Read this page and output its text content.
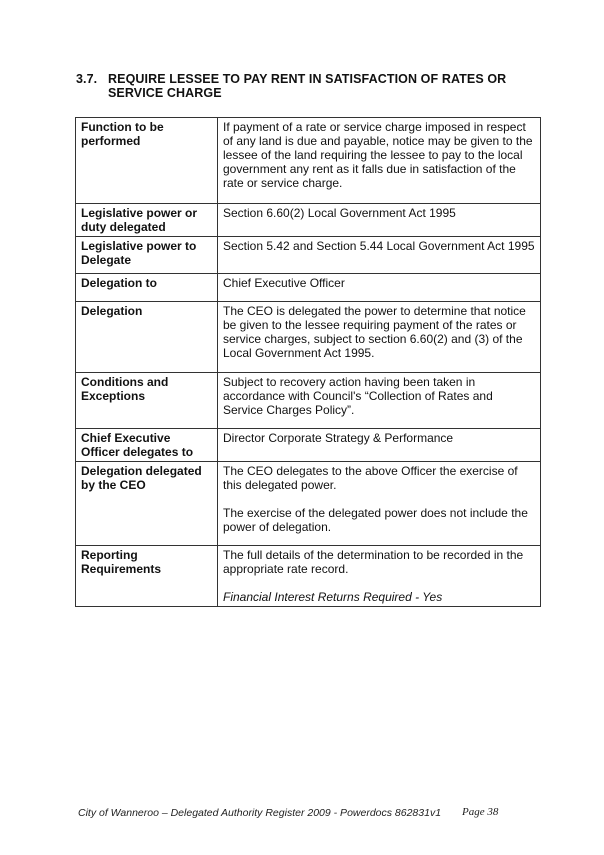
3.7. REQUIRE LESSEE TO PAY RENT IN SATISFACTION OF RATES OR
SERVICE CHARGE
Function to be performed	If payment of a rate or service charge imposed in respect of any land is due and payable, notice may be given to the lessee of the land requiring the lessee to pay to the local government any rent as it falls due in satisfaction of the rate or service charge.

Legislative power or duty delegated	Section 6.60(2) Local Government Act 1995

Legislative power to Delegate	Section 5.42 and Section 5.44 Local Government Act 1995

Delegation to	Chief Executive Officer

Delegation	The CEO is delegated the power to determine that notice be given to the lessee requiring payment of the rates or service charges, subject to section 6.60(2) and (3) of the Local Government Act 1995.

Conditions and Exceptions	Subject to recovery action having been taken in accordance with Council's “Collection of Rates and Service Charges Policy”.

Chief Executive Officer delegates to	Director Corporate Strategy & Performance

Delegation delegated by the CEO	The CEO delegates to the above Officer the exercise of this delegated power.
The exercise of the delegated power does not include the power of delegation.

Reporting Requirements	The full details of the determination to be recorded in the appropriate rate record.
Financial Interest Returns Required - Yes
City of Wanneroo – Delegated Authority Register 2009 - Powerdocs 862831v1 Page 38
